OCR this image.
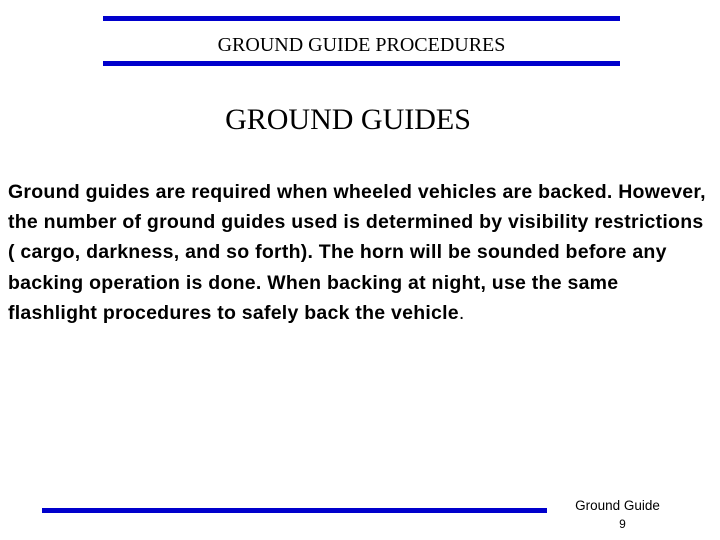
GROUND GUIDE PROCEDURES
GROUND GUIDES

Ground guides are required when wheeled vehicles are backed. However, the number of ground guides used is determined by visibility restrictions ( cargo, darkness, and so forth). The horn will be sounded before any backing operation is done. When backing at night, use the same flashlight procedures to safely back the vehicle.

Ground Guide
9
